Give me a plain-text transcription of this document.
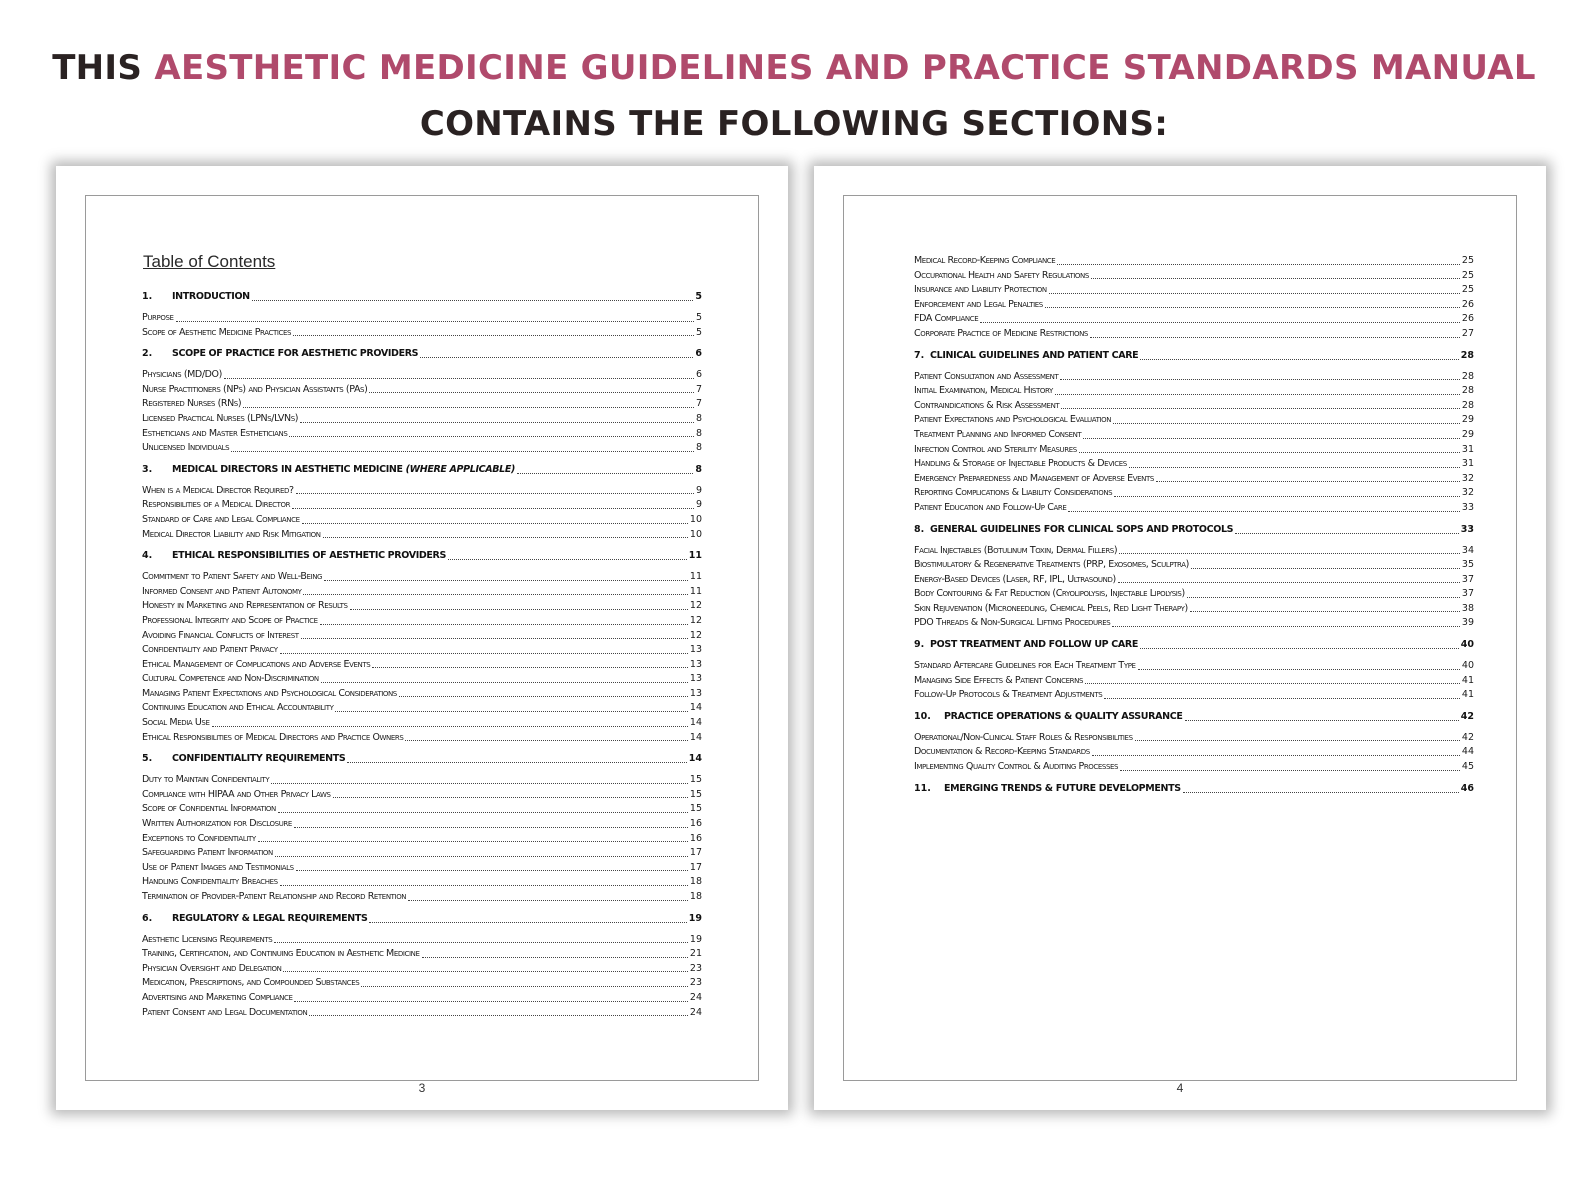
THIS AESTHETIC MEDICINE GUIDELINES AND PRACTICE STANDARDS MANUAL
CONTAINS THE FOLLOWING SECTIONS:
Table of Contents
1.	INTRODUCTION	5
Purpose	5
Scope of Aesthetic Medicine Practices	5
2.	SCOPE OF PRACTICE FOR AESTHETIC PROVIDERS	6
Physicians (MD/DO)	6
Nurse Practitioners (NPs) and Physician Assistants (PAs)	7
Registered Nurses (RNs)	7
Licensed Practical Nurses (LPNs/LVNs)	8
Estheticians and Master Estheticians	8
Unlicensed Individuals	8
3.	MEDICAL DIRECTORS IN AESTHETIC MEDICINE (WHERE APPLICABLE)	8
When is a Medical Director Required?	9
Responsibilities of a Medical Director	9
Standard of Care and Legal Compliance	10
Medical Director Liability and Risk Mitigation	10
4.	ETHICAL RESPONSIBILITIES OF AESTHETIC PROVIDERS	11
Commitment to Patient Safety and Well-Being	11
Informed Consent and Patient Autonomy	11
Honesty in Marketing and Representation of Results	12
Professional Integrity and Scope of Practice	12
Avoiding Financial Conflicts of Interest	12
Confidentiality and Patient Privacy	13
Ethical Management of Complications and Adverse Events	13
Cultural Competence and Non-Discrimination	13
Managing Patient Expectations and Psychological Considerations	13
Continuing Education and Ethical Accountability	14
Social Media Use	14
Ethical Responsibilities of Medical Directors and Practice Owners	14
5.	CONFIDENTIALITY REQUIREMENTS	14
Duty to Maintain Confidentiality	15
Compliance with HIPAA and Other Privacy Laws	15
Scope of Confidential Information	15
Written Authorization for Disclosure	16
Exceptions to Confidentiality	16
Safeguarding Patient Information	17
Use of Patient Images and Testimonials	17
Handling Confidentiality Breaches	18
Termination of Provider-Patient Relationship and Record Retention	18
6.	REGULATORY & LEGAL REQUIREMENTS	19
Aesthetic Licensing Requirements	19
Training, Certification, and Continuing Education in Aesthetic Medicine	21
Physician Oversight and Delegation	23
Medication, Prescriptions, and Compounded Substances	23
Advertising and Marketing Compliance	24
Patient Consent and Legal Documentation	24
3
Medical Record-Keeping Compliance	25
Occupational Health and Safety Regulations	25
Insurance and Liability Protection	25
Enforcement and Legal Penalties	26
FDA Compliance	26
Corporate Practice of Medicine Restrictions	27
7. CLINICAL GUIDELINES AND PATIENT CARE	28
Patient Consultation and Assessment	28
Initial Examination, Medical History	28
Contraindications & Risk Assessment	28
Patient Expectations and Psychological Evaluation	29
Treatment Planning and Informed Consent	29
Infection Control and Sterility Measures	31
Handling & Storage of Injectable Products & Devices	31
Emergency Preparedness and Management of Adverse Events	32
Reporting Complications & Liability Considerations	32
Patient Education and Follow-Up Care	33
8. GENERAL GUIDELINES FOR CLINICAL SOPS AND PROTOCOLS	33
Facial Injectables (Botulinum Toxin, Dermal Fillers)	34
Biostimulatory & Regenerative Treatments (PRP, Exosomes, Sculptra)	35
Energy-Based Devices (Laser, RF, IPL, Ultrasound)	37
Body Contouring & Fat Reduction (Cryolipolysis, Injectable Lipolysis)	37
Skin Rejuvenation (Microneedling, Chemical Peels, Red Light Therapy)	38
PDO Threads & Non-Surgical Lifting Procedures	39
9. POST TREATMENT AND FOLLOW UP CARE	40
Standard Aftercare Guidelines for Each Treatment Type	40
Managing Side Effects & Patient Concerns	41
Follow-Up Protocols & Treatment Adjustments	41
10.	PRACTICE OPERATIONS & QUALITY ASSURANCE	42
Operational/Non-Clinical Staff Roles & Responsibilities	42
Documentation & Record-Keeping Standards	44
Implementing Quality Control & Auditing Processes	45
11.	EMERGING TRENDS & FUTURE DEVELOPMENTS	46
4
